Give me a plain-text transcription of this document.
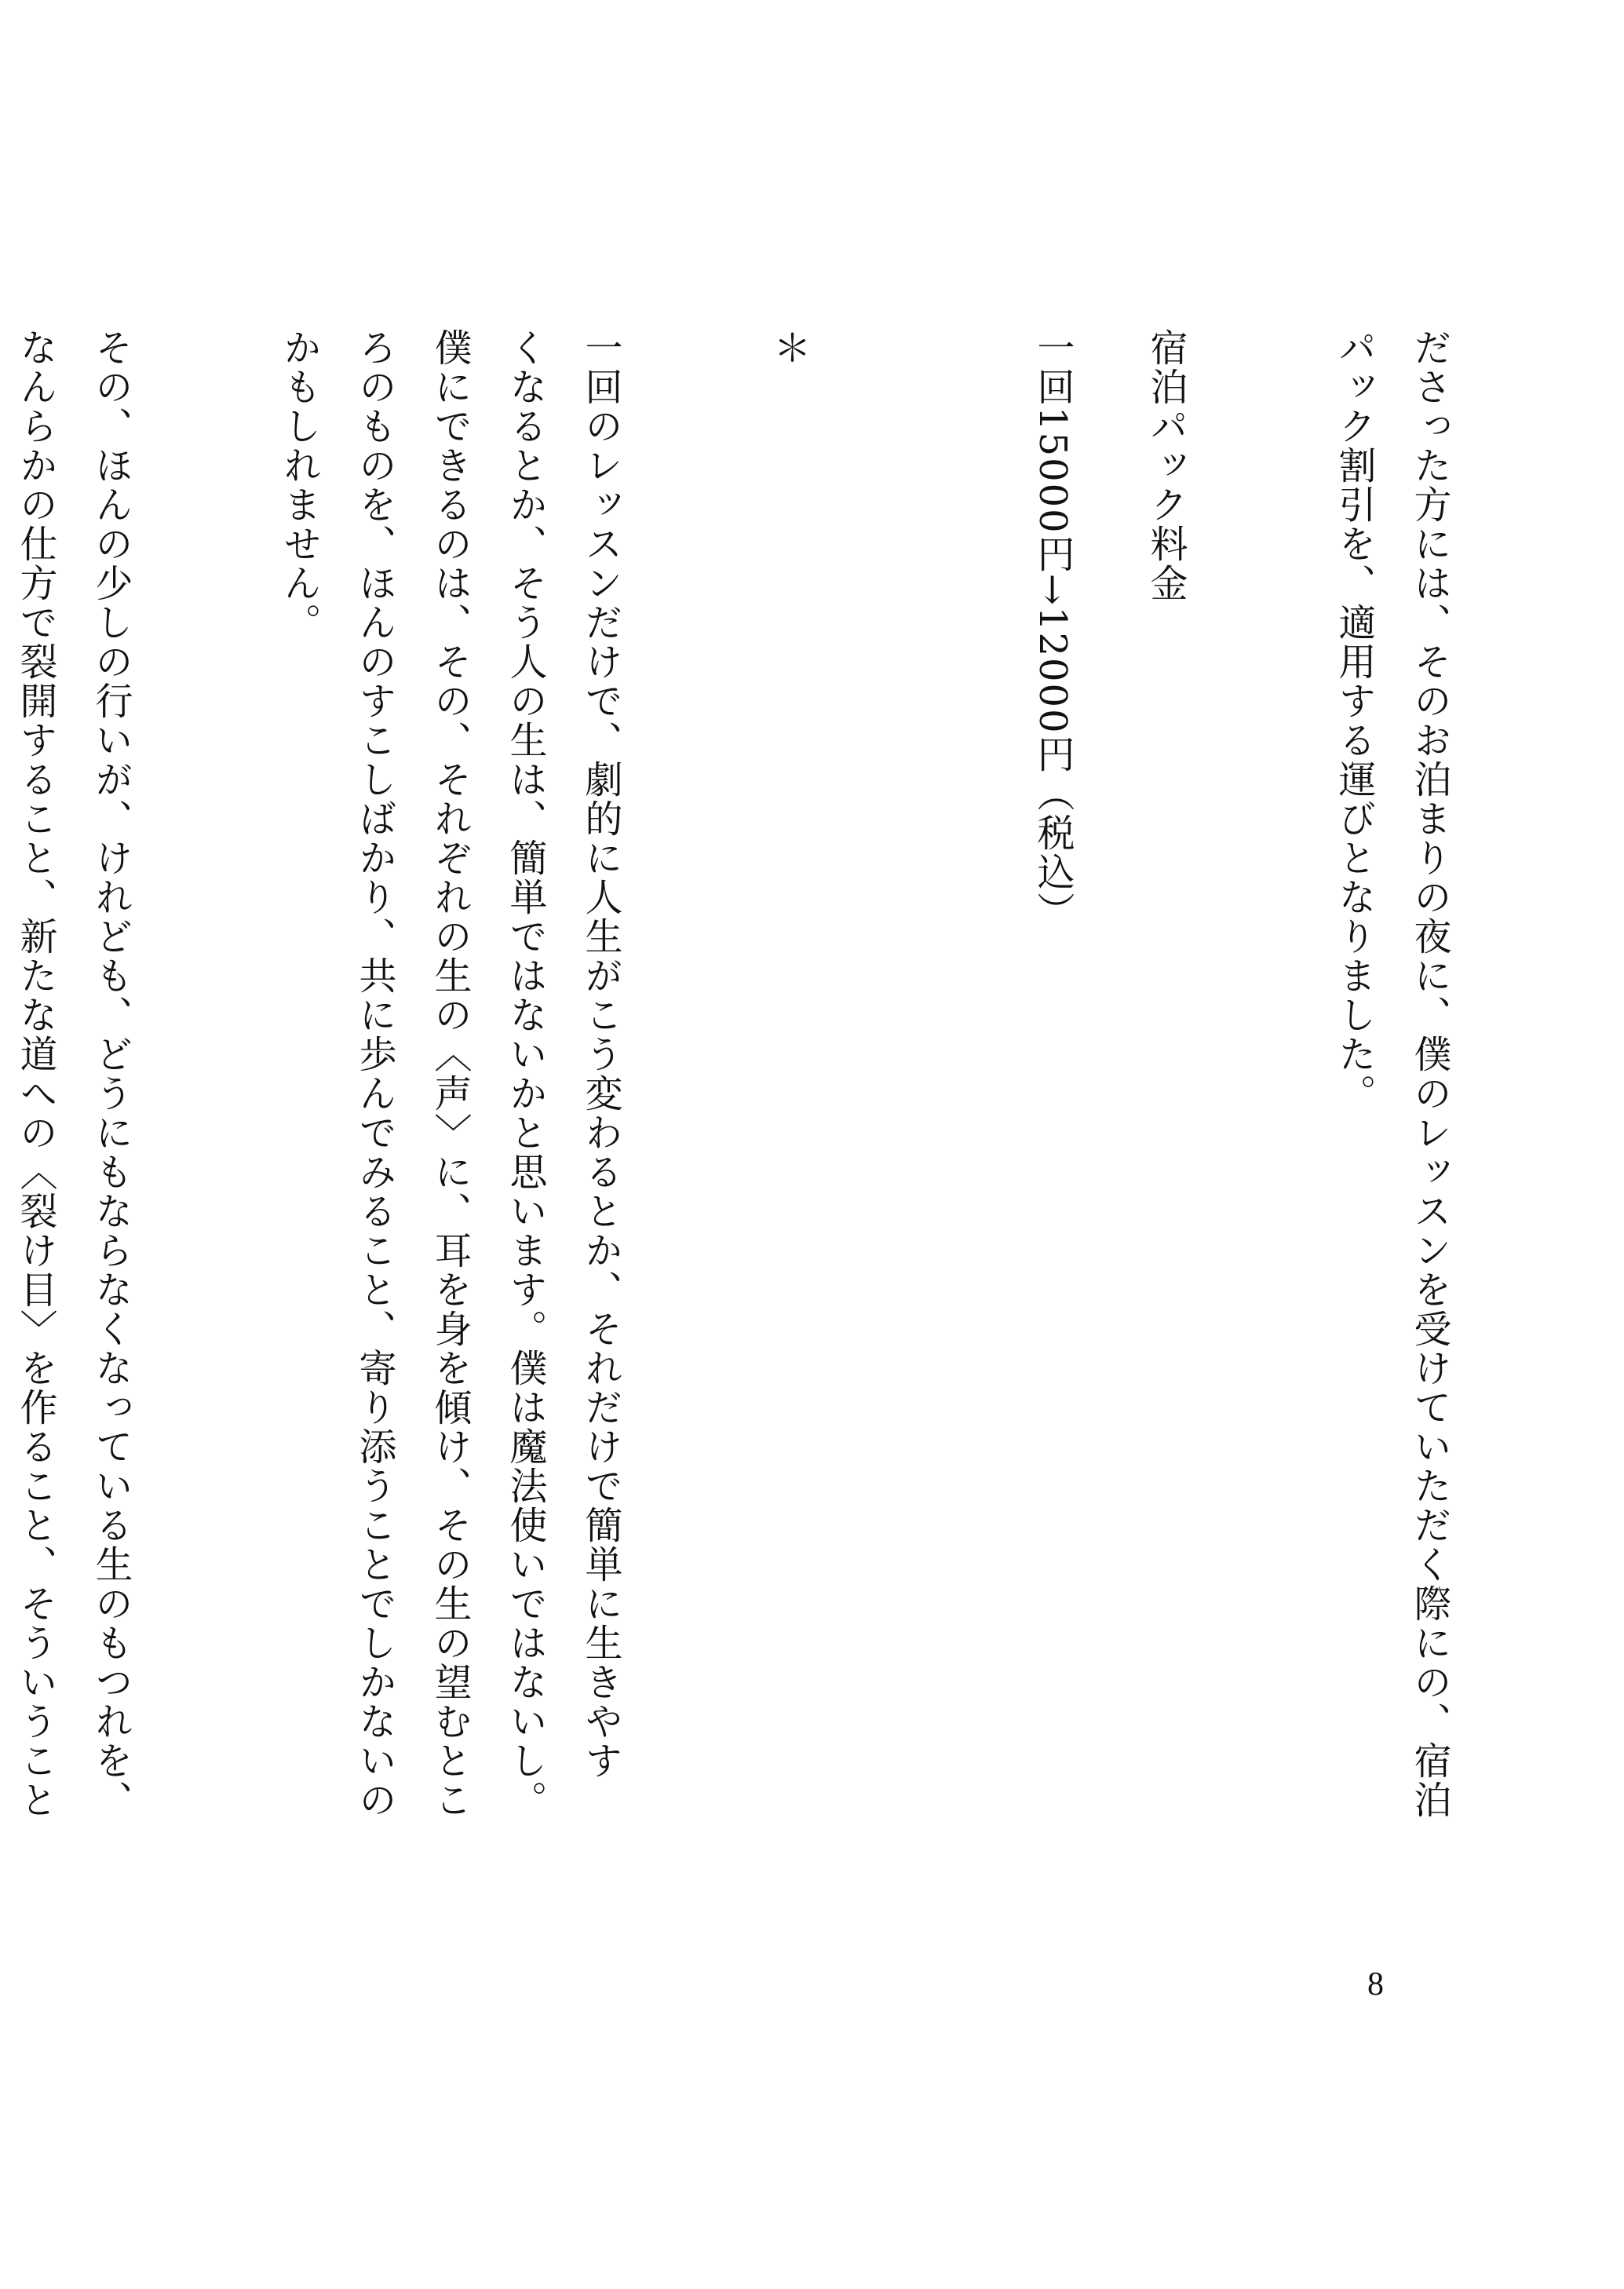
ださった方には、そのお泊まりの夜に、僕のレッスンを受けていただく際にの、宿泊
パック割引を、適用する運びとなりました。
宿泊パック料金
一回15000円→12000円（税込）
＊
一回のレッスンだけで、劇的に人生がこう変わるとか、それだけで簡単に生きやす
くなるとか、そう人の生は、簡単ではないかと思います。僕は魔法使いではないし。
僕にできるのは、その、それぞれの生の〈声〉に、耳を身を傾け、その生の望むとこ
ろのものを、ほんのすこしばかり、共に歩んでみること、寄り添うことでしかないの
かもしれません。
その、ほんの少しの行いが、けれども、どうにもならなくなっている生のもつれを、
なんらかの仕方で裂開すること、新たな道への〈裂け目〉を作ること、そういうこと
8
